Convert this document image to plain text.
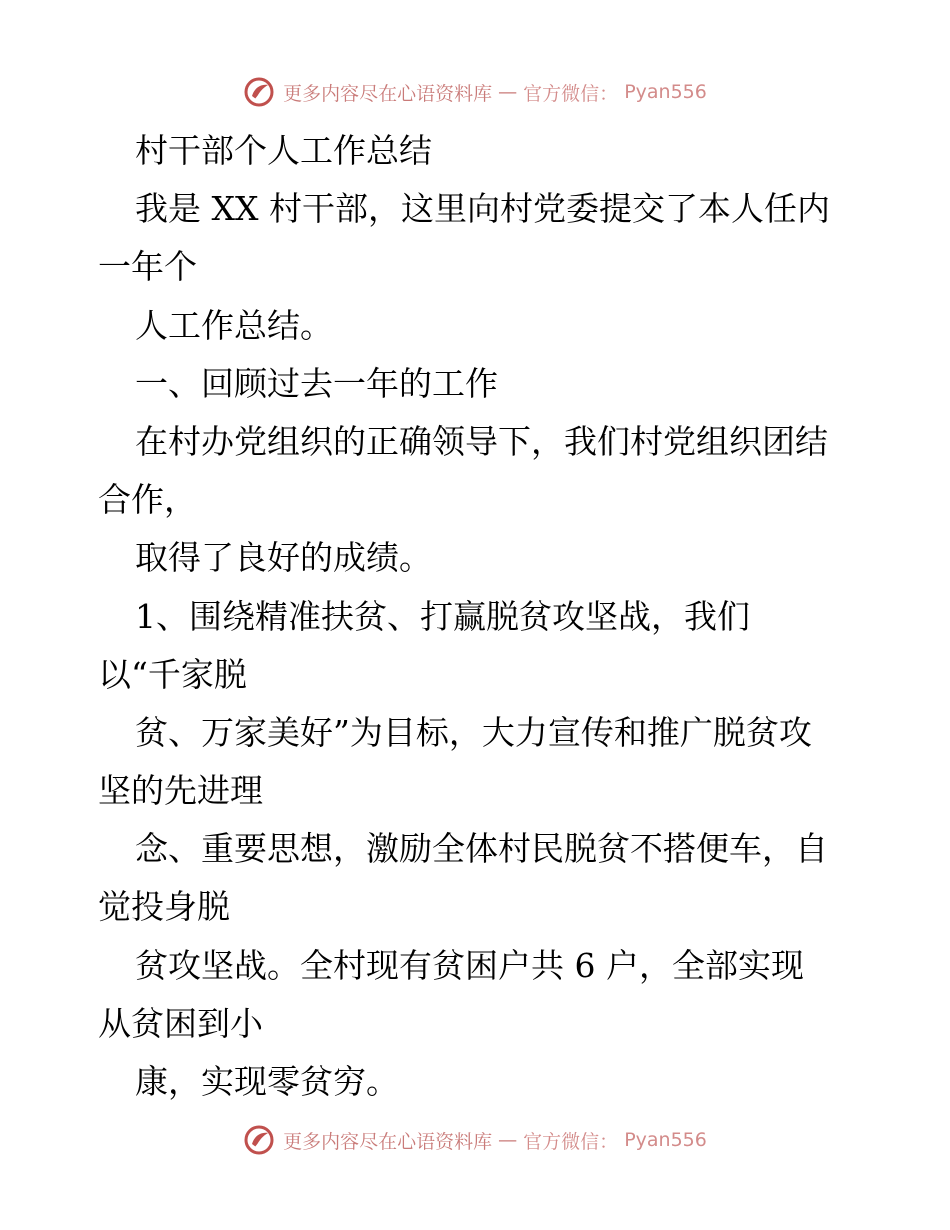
更多内容尽在心语资料库 — 官方微信： Pyan556
村干部个人工作总结
我是 XX 村干部，这里向村党委提交了本人任内
一年个
人工作总结。
一、回顾过去一年的工作
在村办党组织的正确领导下，我们村党组织团结
合作，
取得了良好的成绩。
1、围绕精准扶贫、打赢脱贫攻坚战，我们
以“千家脱
贫、万家美好”为目标，大力宣传和推广脱贫攻
坚的先进理
念、重要思想，激励全体村民脱贫不搭便车，自
觉投身脱
贫攻坚战。全村现有贫困户共 6 户，全部实现
从贫困到小
康，实现零贫穷。
更多内容尽在心语资料库 — 官方微信： Pyan556
